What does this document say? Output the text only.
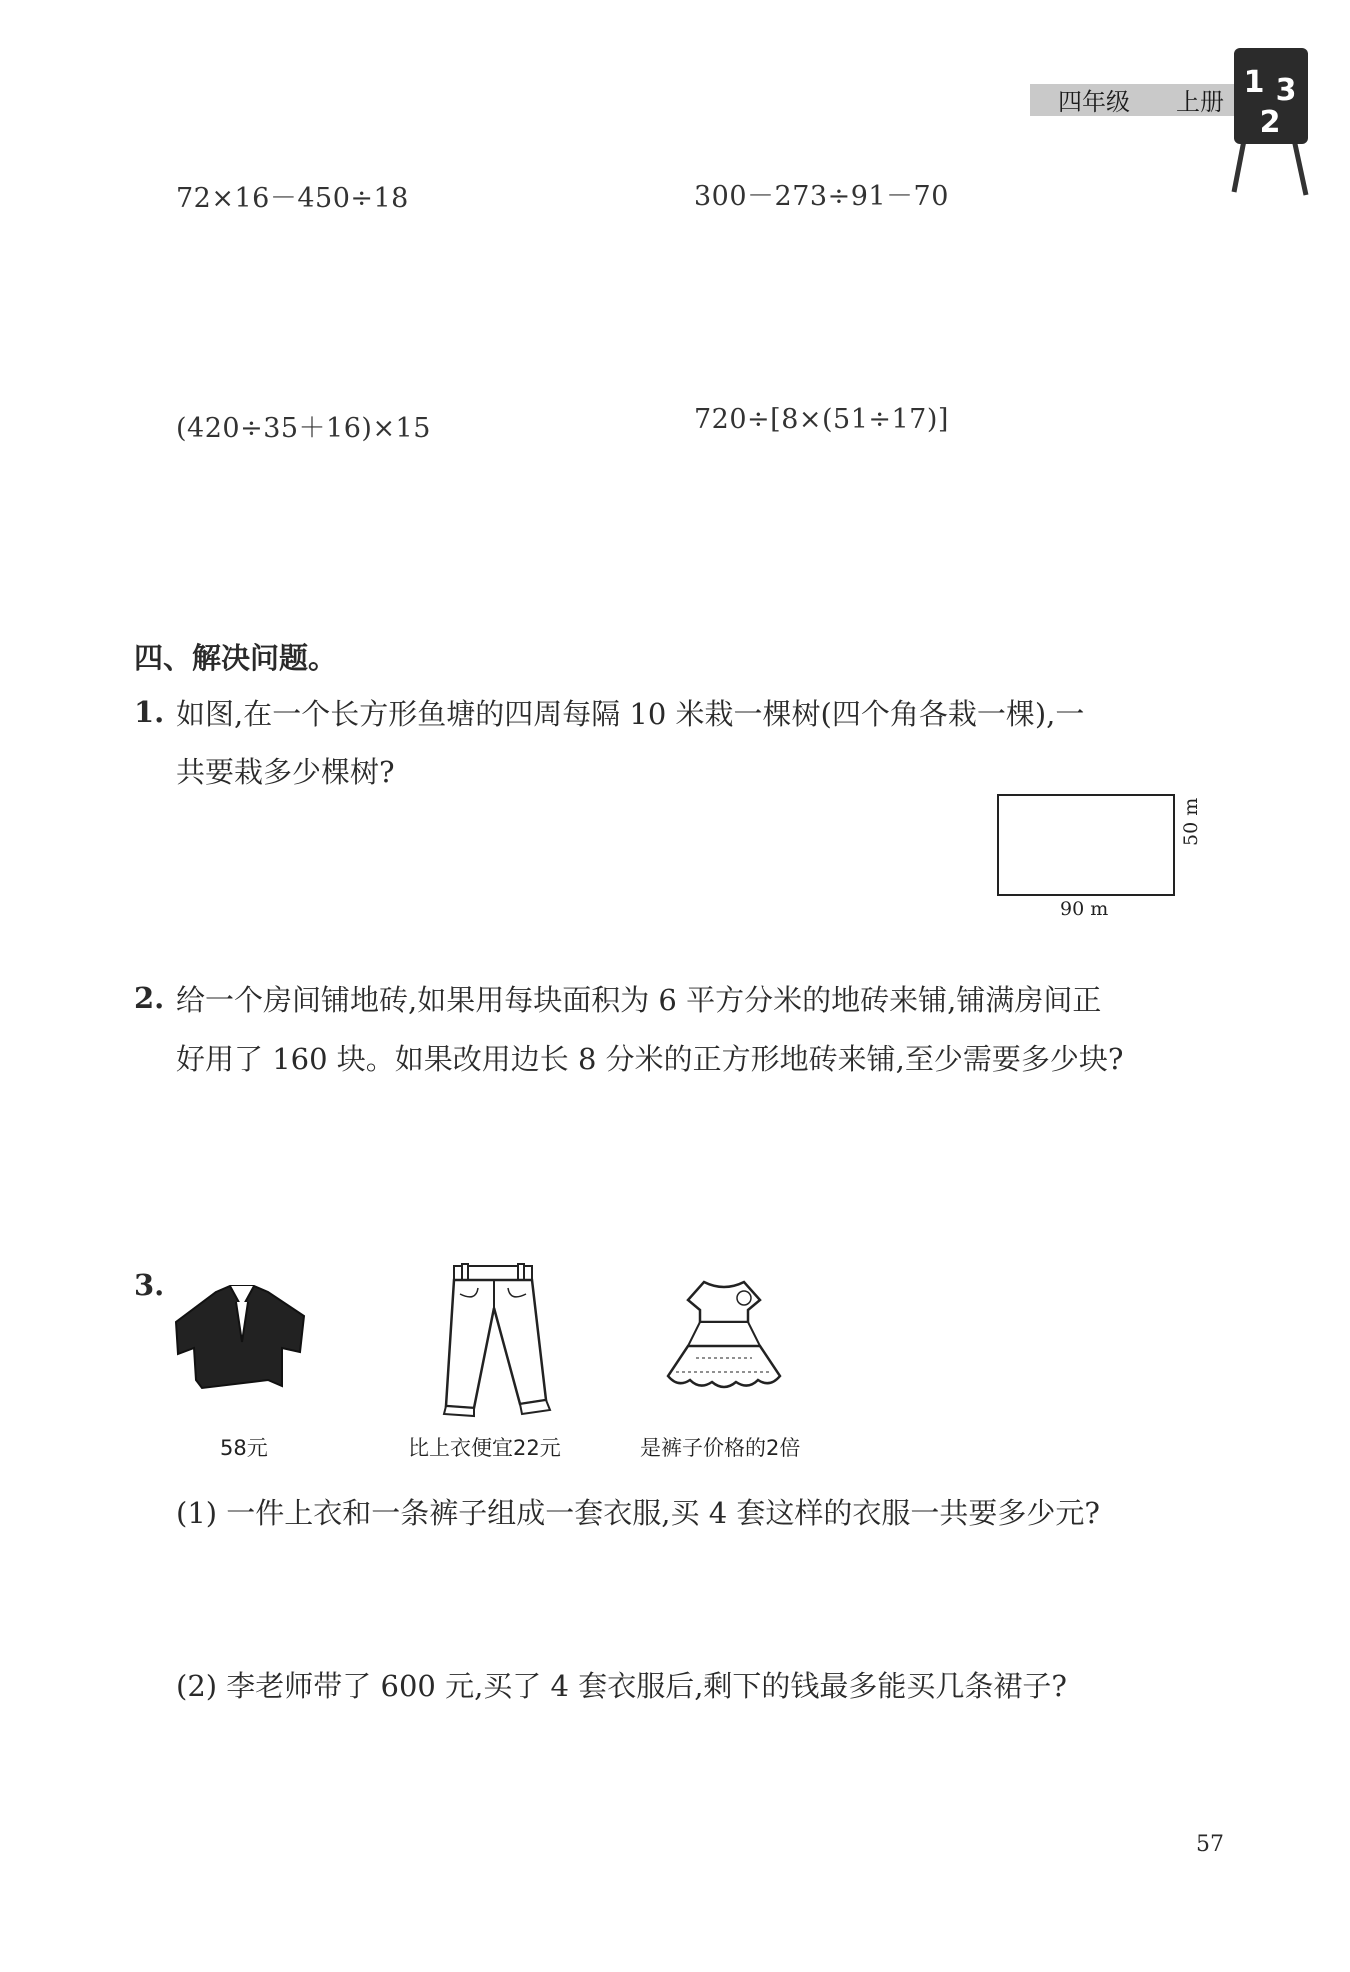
四年级 上册
1 3
2
72×16－450÷18	300－273÷91－70
(420÷35＋16)×15	720÷[8×(51÷17)]
四、解决问题。
1. 如图,在一个长方形鱼塘的四周每隔 10 米栽一棵树(四个角各栽一棵),一
共要栽多少棵树?
90 m
50 m
2. 给一个房间铺地砖,如果用每块面积为 6 平方分米的地砖来铺,铺满房间正
好用了 160 块。如果改用边长 8 分米的正方形地砖来铺,至少需要多少块?
3.
58元	比上衣便宜22元	是裤子价格的2倍
(1) 一件上衣和一条裤子组成一套衣服,买 4 套这样的衣服一共要多少元?
(2) 李老师带了 600 元,买了 4 套衣服后,剩下的钱最多能买几条裙子?
57
